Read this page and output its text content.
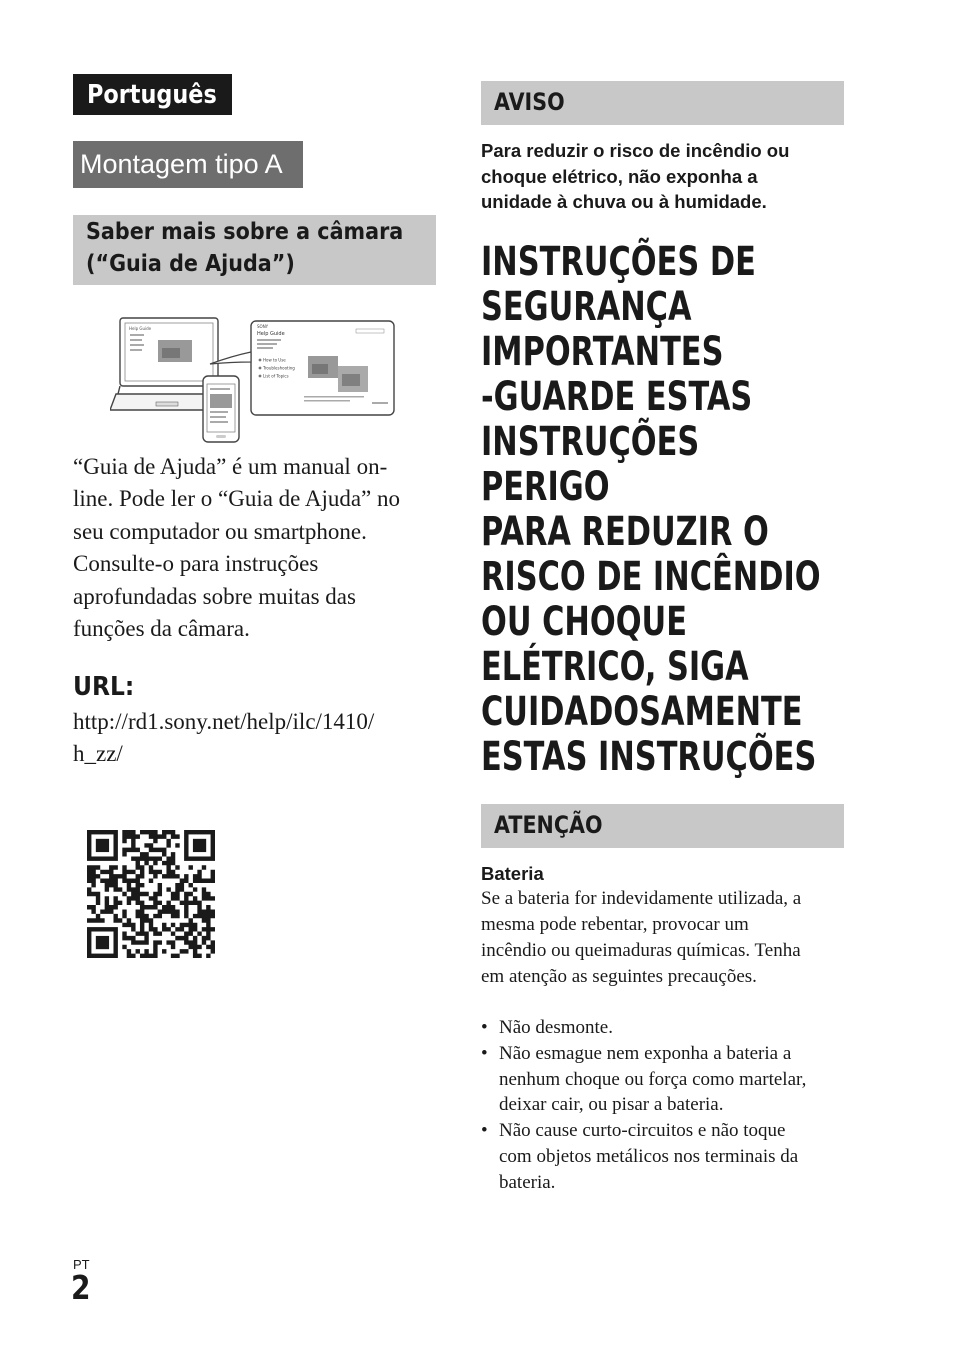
Português
Montagem tipo A
Saber mais sobre a câmara
(“Guia de Ajuda”)
Help Guide	SONY
Help Guide
How to Use
Troubleshooting
List of Topics
“Guia de Ajuda” é um manual on-
line. Pode ler o “Guia de Ajuda” no
seu computador ou smartphone.
Consulte-o para instruções
aprofundadas sobre muitas das
funções da câmara.
URL:
http://rd1.sony.net/help/ilc/1410/
h_zz/
AVISO
Para reduzir o risco de incêndio ou
choque elétrico, não exponha a
unidade à chuva ou à humidade.
INSTRUÇÕES DE
SEGURANÇA
IMPORTANTES
-GUARDE ESTAS
INSTRUÇÕES
PERIGO
PARA REDUZIR O
RISCO DE INCÊNDIO
OU CHOQUE
ELÉTRICO, SIGA
CUIDADOSAMENTE
ESTAS INSTRUÇÕES
ATENÇÃO
Bateria
Se a bateria for indevidamente utilizada, a
mesma pode rebentar, provocar um
incêndio ou queimaduras químicas. Tenha
em atenção as seguintes precauções.
• Não desmonte.
• Não esmague nem exponha a bateria a
nenhum choque ou força como martelar,
deixar cair, ou pisar a bateria.
• Não cause curto-circuitos e não toque
com objetos metálicos nos terminais da
bateria.
PT
2
